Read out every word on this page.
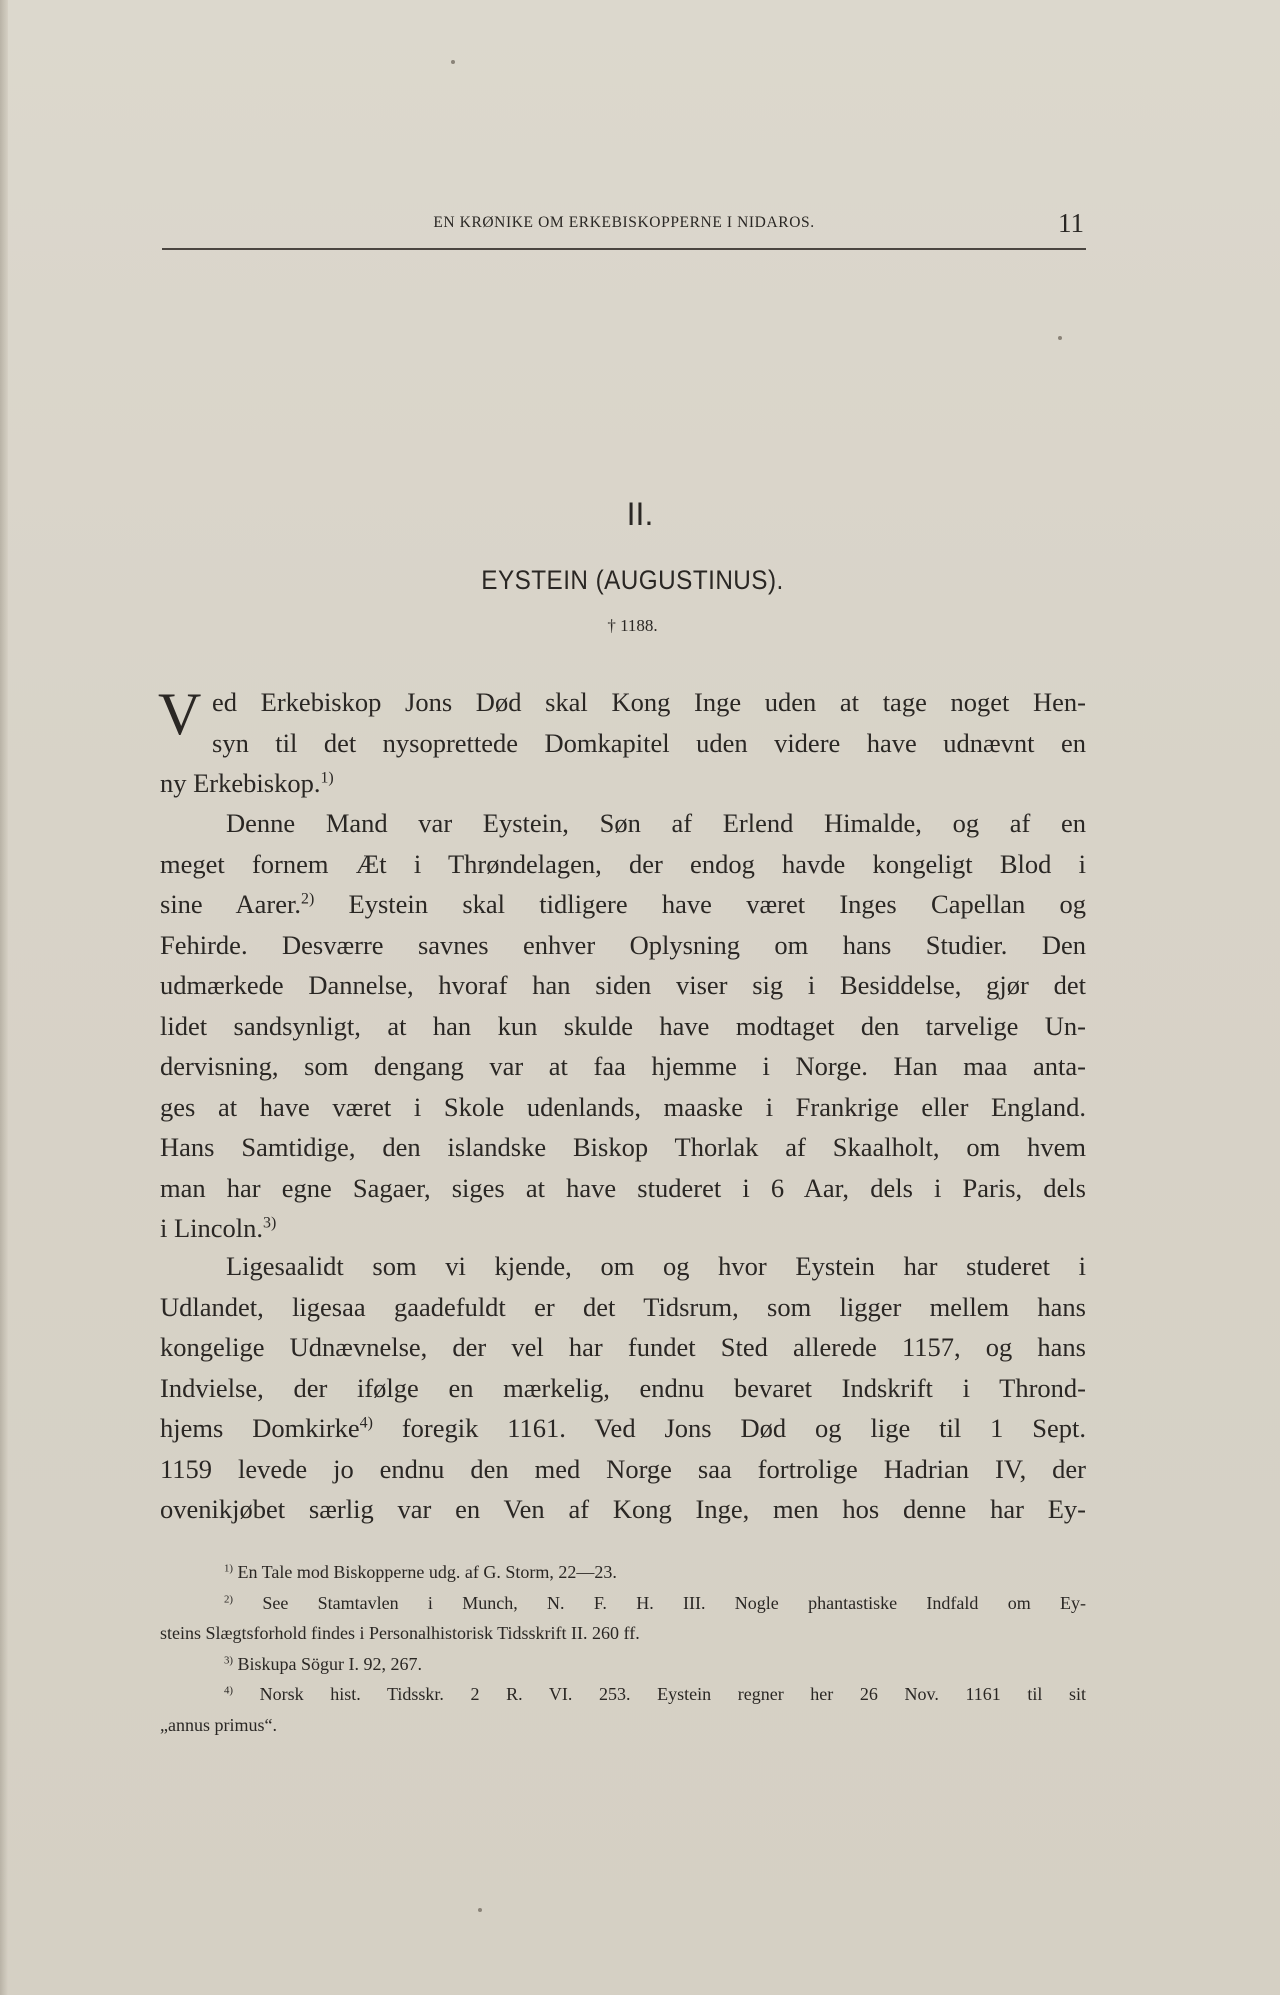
EN KRØNIKE OM ERKEBISKOPPERNE I NIDAROS.	11
II.
EYSTEIN (AUGUSTINUS).
† 1188.
V ed Erkebiskop Jons Død skal Kong Inge uden at tage noget Hen-
syn til det nysoprettede Domkapitel uden videre have udnævnt en
ny Erkebiskop.$^{1)}$
Denne Mand var Eystein, Søn af Erlend Himalde, og af en
meget fornem Æt i Thrøndelagen, der endog havde kongeligt Blod i
sine Aarer.$^{2)}$ Eystein skal tidligere have været Inges Capellan og
Fehirde. Desværre savnes enhver Oplysning om hans Studier. Den
udmærkede Dannelse, hvoraf han siden viser sig i Besiddelse, gjør det
lidet sandsynligt, at han kun skulde have modtaget den tarvelige Un-
dervisning, som dengang var at faa hjemme i Norge. Han maa anta-
ges at have været i Skole udenlands, maaske i Frankrige eller England.
Hans Samtidige, den islandske Biskop Thorlak af Skaalholt, om hvem
man har egne Sagaer, siges at have studeret i 6 Aar, dels i Paris, dels
i Lincoln.$^{3)}$
Ligesaalidt som vi kjende, om og hvor Eystein har studeret i
Udlandet, ligesaa gaadefuldt er det Tidsrum, som ligger mellem hans
kongelige Udnævnelse, der vel har fundet Sted allerede 1157, og hans
Indvielse, der ifølge en mærkelig, endnu bevaret Indskrift i Thrond-
hjems Domkirke$^{4)}$ foregik 1161. Ved Jons Død og lige til 1 Sept.
1159 levede jo endnu den med Norge saa fortrolige Hadrian IV, der
ovenikjøbet særlig var en Ven af Kong Inge, men hos denne har Ey-
$^{1)}$ En Tale mod Biskopperne udg. af G. Storm, 22—23.
$^{2)}$ See Stamtavlen i Munch, N. F. H. III. Nogle phantastiske Indfald om Ey-
steins Slægtsforhold findes i Personalhistorisk Tidsskrift II. 260 ff.
$^{3)}$ Biskupa Sögur I. 92, 267.
$^{4)}$ Norsk hist. Tidsskr. 2 R. VI. 253. Eystein regner her 26 Nov. 1161 til sit
„annus primus“.
